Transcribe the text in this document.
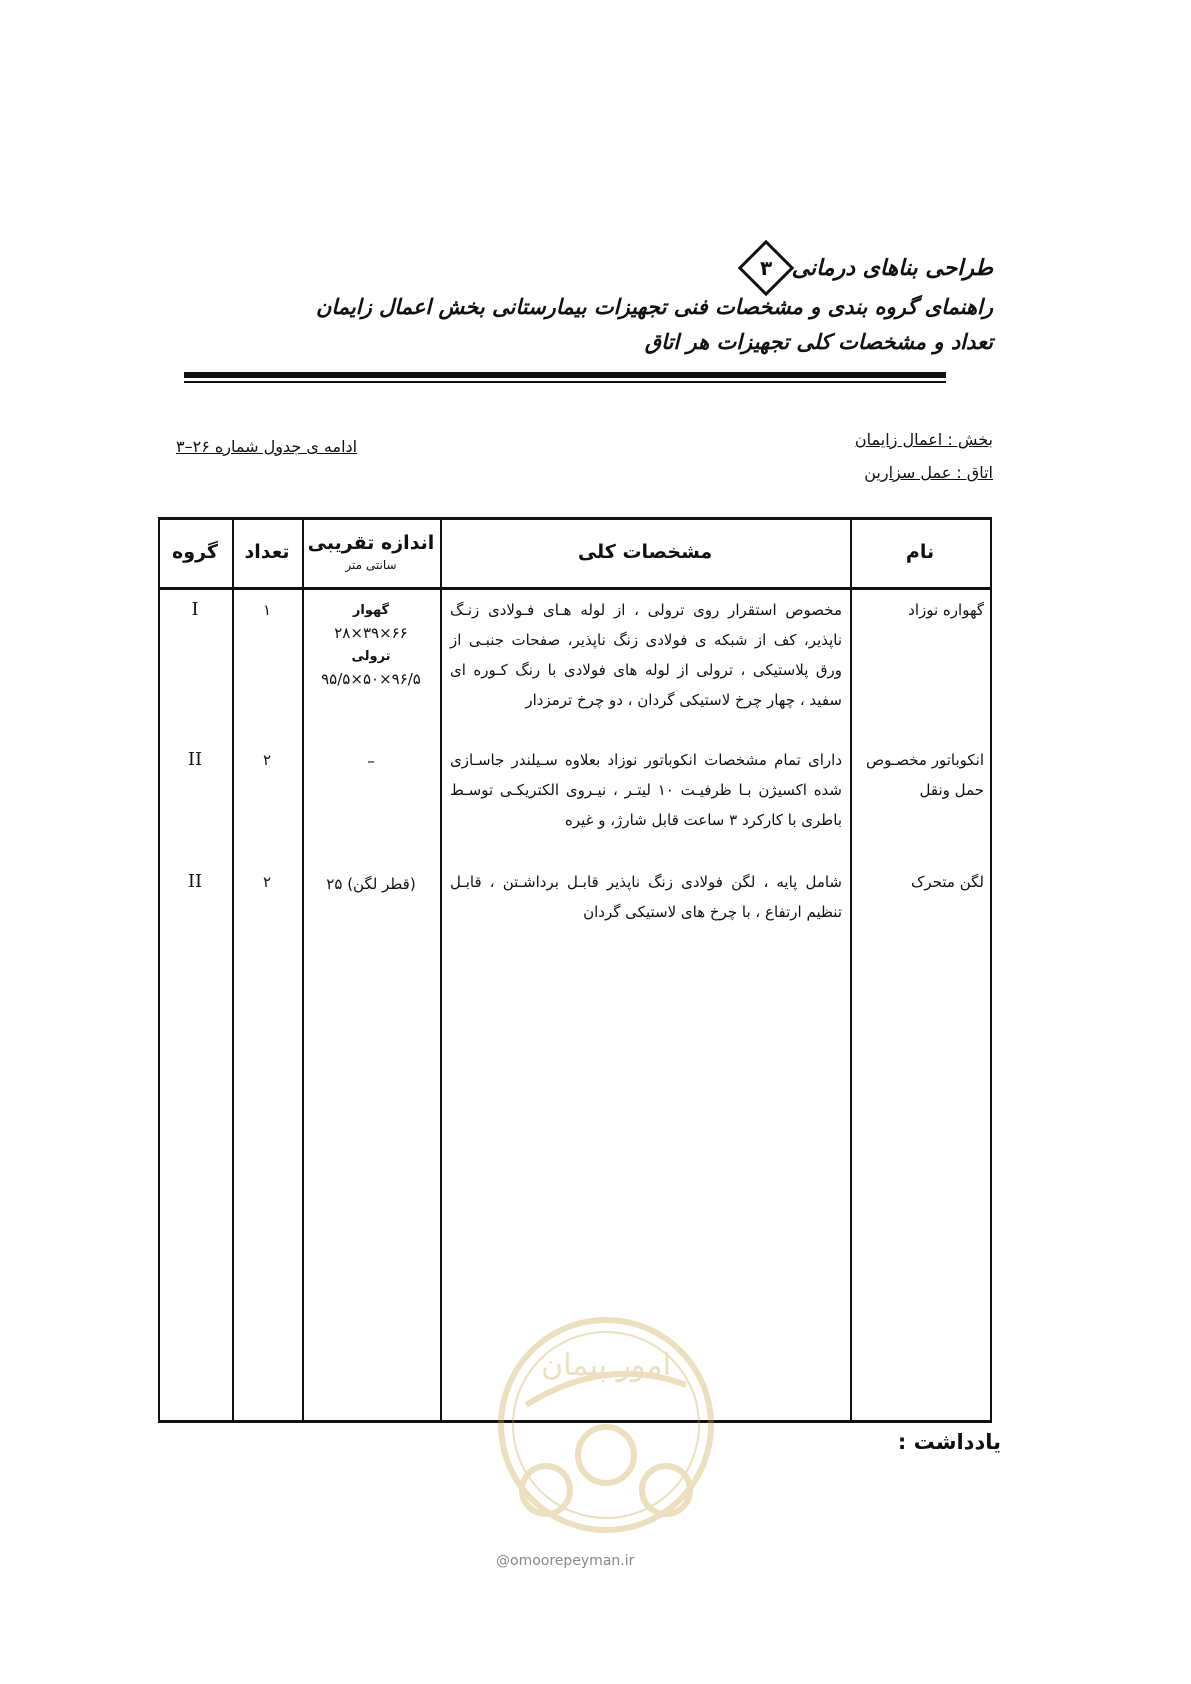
طراحی بناهای درمانی
۳
راهنمای گروه بندی و مشخصات فنی تجهیزات بیمارستانی بخش اعمال زایمان
تعداد و مشخصات کلی تجهیزات هر اتاق
بخش : اعمال زایمان
اتاق : عمل سزارین
ادامه ی جدول شماره ۲۶–۳
گروه	تعداد اندازه تقریبی
سانتی متر
مشخصات کلی	نام
گهواره نوزاد
مخصوص استقرار روی ترولی ، از لوله هـای فـولادی زنـگ ناپذیر، کف از شبکه ی فولادی زنگ ناپذیر، صفحات جنبـی از ورق پلاستیکی ، ترولی از لوله های فولادی با رنگ کـوره ای سفید ، چهار چرخ لاستیکی گردان ، دو چرخ ترمزدار
گهوار
۶۶×۳۹×۲۸
ترولی
۹۶/۵×۵۰×۹۵/۵
۱
I
انکوباتور مخصـوص حمل ونقل
دارای تمام مشخصات انکوباتور نوزاد بعلاوه سـیلندر جاسـازی شده اکسیژن بـا ظرفیـت ۱۰ لیتـر ، نیـروی الکتریکـی توسـط باطری با کارکرد ۳ ساعت قابل شارژ، و غیره
–
۲
II
لگن متحرک
شامل پایه ، لگن فولادی زنگ ناپذیر قابـل برداشـتن ، قابـل تنظیم ارتفاع ، با چرخ های لاستیکی گردان
(قطر لگن) ۲۵
۲
II
یادداشت :
امور پیمان
@omoorepeyman.ir
